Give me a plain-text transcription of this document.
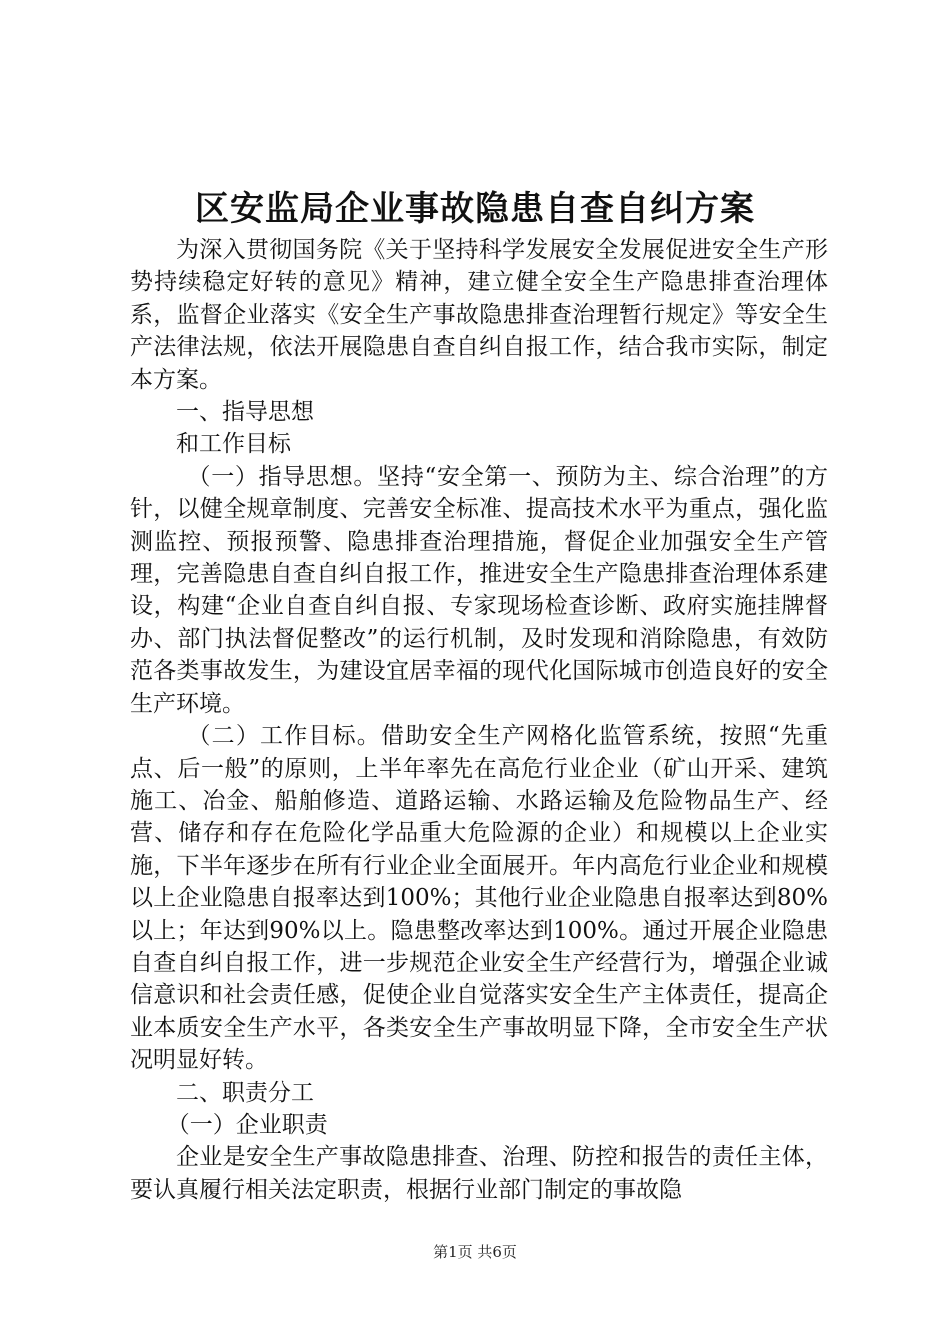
区安监局企业事故隐患自查自纠方案

为深入贯彻国务院《关于坚持科学发展安全发展促进安全生产形势持续稳定好转的意见》精神，建立健全安全生产隐患排查治理体系，监督企业落实《安全生产事故隐患排查治理暂行规定》等安全生产法律法规，依法开展隐患自查自纠自报工作，结合我市实际，制定本方案。

一、指导思想

和工作目标

（一）指导思想。坚持“安全第一、预防为主、综合治理”的方针，以健全规章制度、完善安全标准、提高技术水平为重点，强化监测监控、预报预警、隐患排查治理措施，督促企业加强安全生产管理，完善隐患自查自纠自报工作，推进安全生产隐患排查治理体系建设，构建“企业自查自纠自报、专家现场检查诊断、政府实施挂牌督办、部门执法督促整改”的运行机制，及时发现和消除隐患，有效防范各类事故发生，为建设宜居幸福的现代化国际城市创造良好的安全生产环境。

（二）工作目标。借助安全生产网格化监管系统，按照“先重点、后一般”的原则，上半年率先在高危行业企业（矿山开采、建筑施工、冶金、船舶修造、道路运输、水路运输及危险物品生产、经营、储存和存在危险化学品重大危险源的企业）和规模以上企业实施，下半年逐步在所有行业企业全面展开。年内高危行业企业和规模以上企业隐患自报率达到100%；其他行业企业隐患自报率达到80%以上；年达到90%以上。隐患整改率达到100%。通过开展企业隐患自查自纠自报工作，进一步规范企业安全生产经营行为，增强企业诚信意识和社会责任感，促使企业自觉落实安全生产主体责任，提高企业本质安全生产水平，各类安全生产事故明显下降，全市安全生产状况明显好转。

二、职责分工

（一）企业职责

企业是安全生产事故隐患排查、治理、防控和报告的责任主体，要认真履行相关法定职责，根据行业部门制定的事故隐

第1页 共6页
